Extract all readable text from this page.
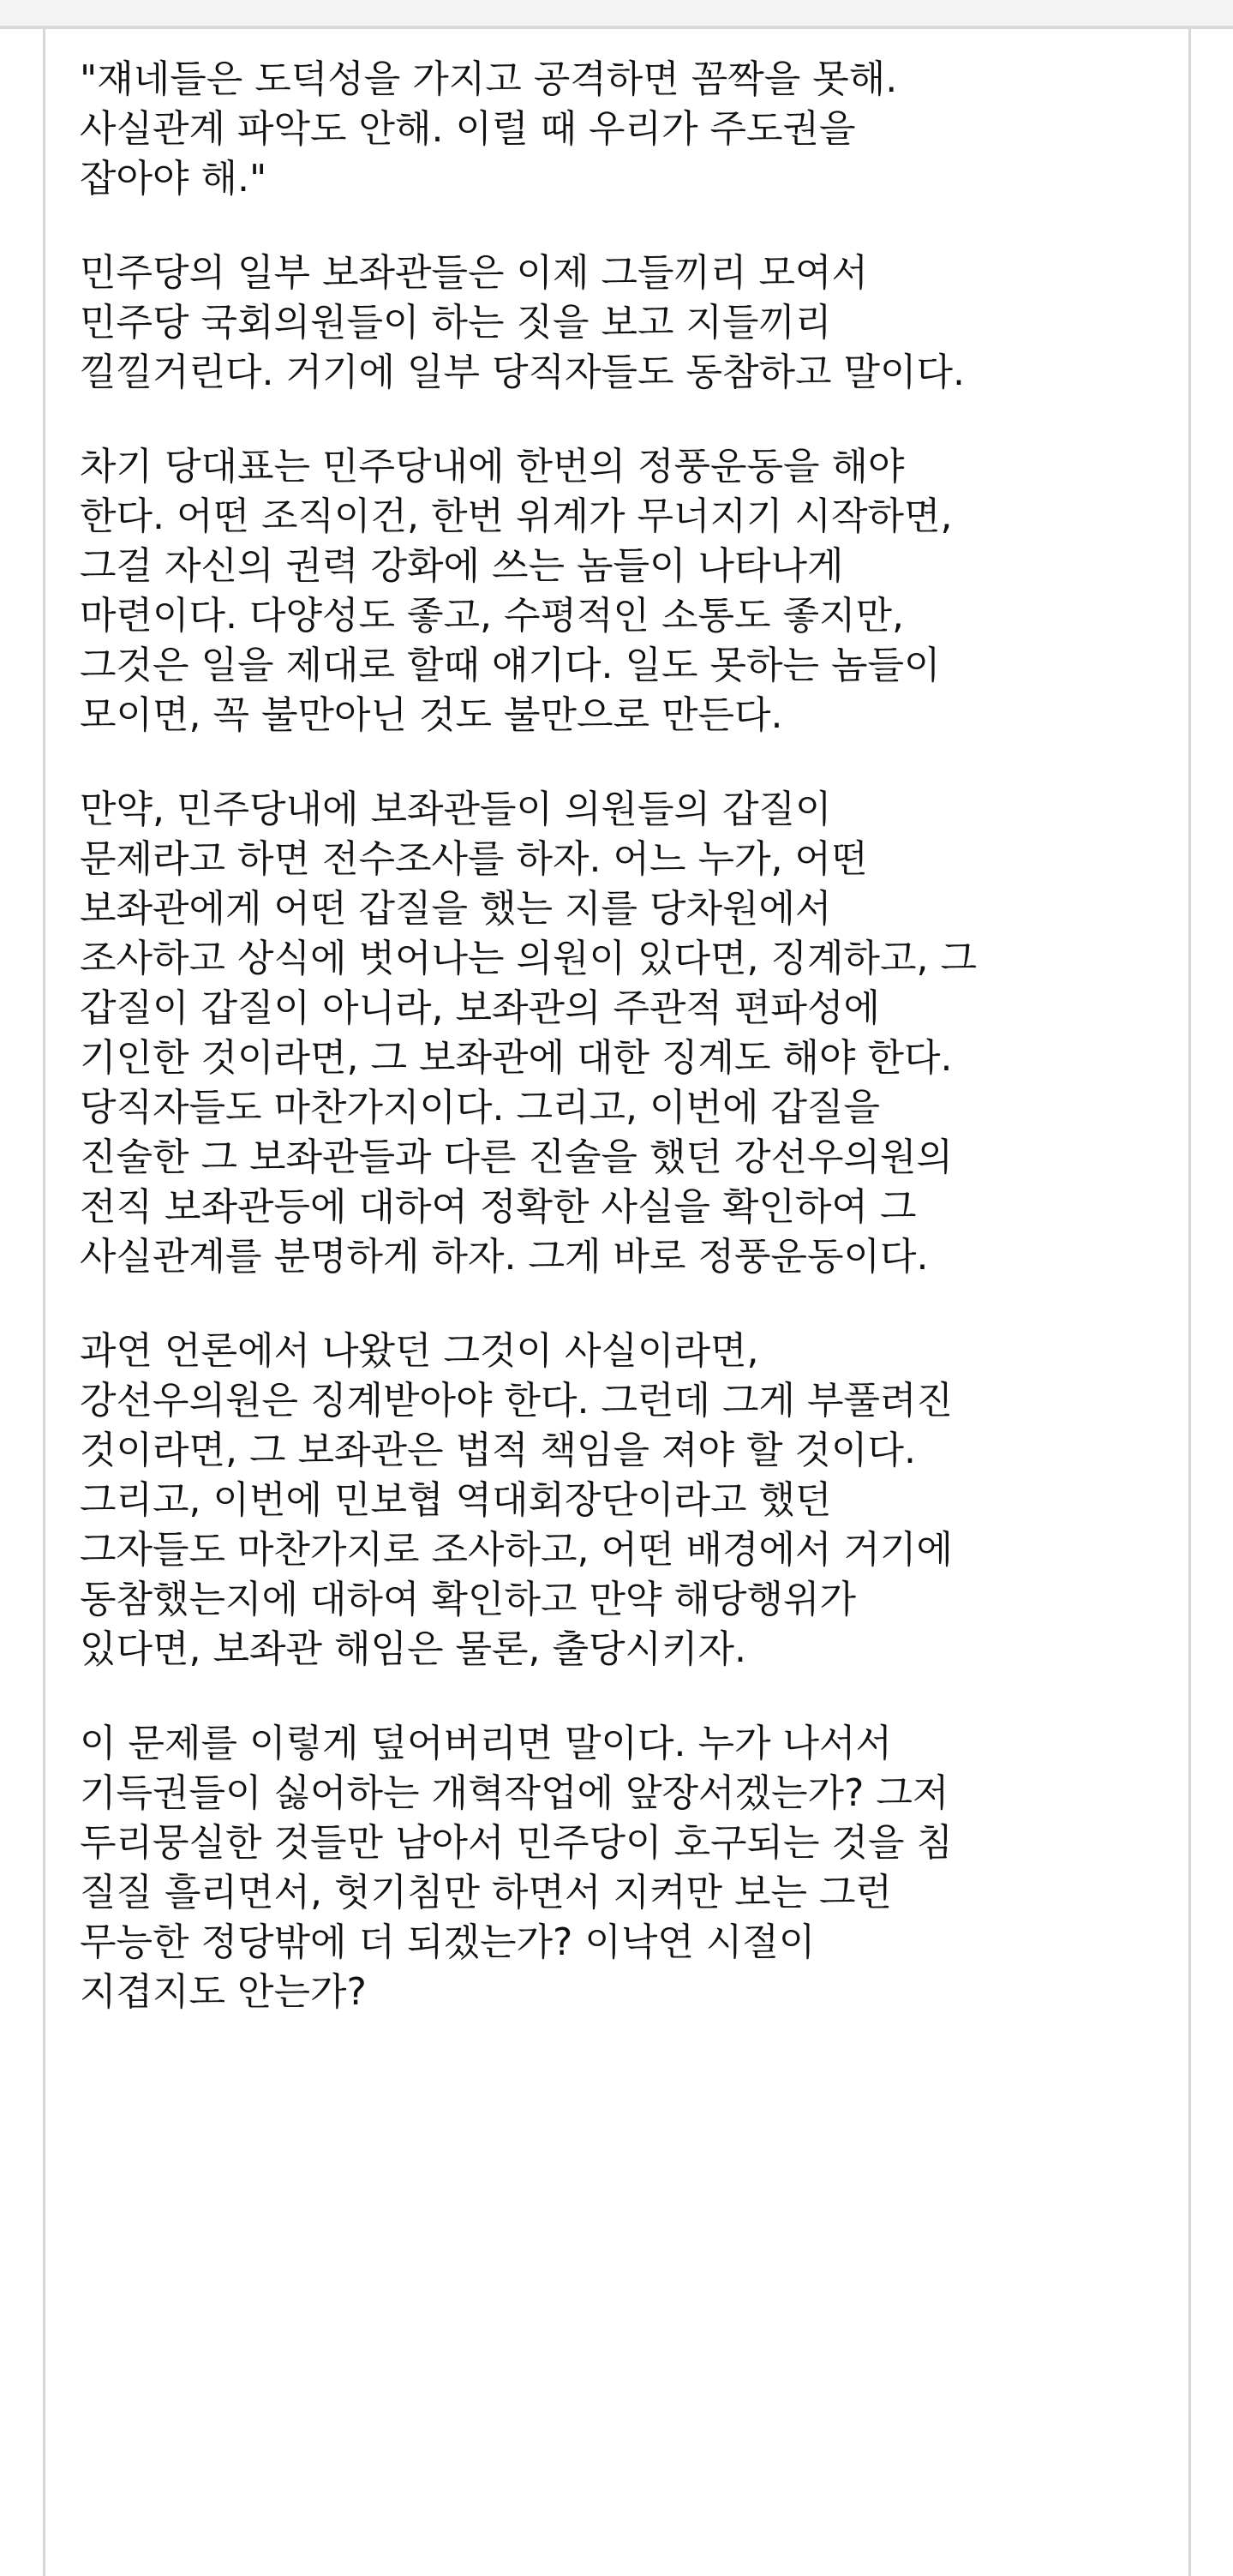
"쟤네들은 도덕성을 가지고 공격하면 꼼짝을 못해.
사실관계 파악도 안해. 이럴 때 우리가 주도권을
잡아야 해."
민주당의 일부 보좌관들은 이제 그들끼리 모여서
민주당 국회의원들이 하는 짓을 보고 지들끼리
낄낄거린다. 거기에 일부 당직자들도 동참하고 말이다.
차기 당대표는 민주당내에 한번의 정풍운동을 해야
한다. 어떤 조직이건, 한번 위계가 무너지기 시작하면,
그걸 자신의 권력 강화에 쓰는 놈들이 나타나게
마련이다. 다양성도 좋고, 수평적인 소통도 좋지만,
그것은 일을 제대로 할때 얘기다. 일도 못하는 놈들이
모이면, 꼭 불만아닌 것도 불만으로 만든다.
만약, 민주당내에 보좌관들이 의원들의 갑질이
문제라고 하면 전수조사를 하자. 어느 누가, 어떤
보좌관에게 어떤 갑질을 했는 지를 당차원에서
조사하고 상식에 벗어나는 의원이 있다면, 징계하고, 그
갑질이 갑질이 아니라, 보좌관의 주관적 편파성에
기인한 것이라면, 그 보좌관에 대한 징계도 해야 한다.
당직자들도 마찬가지이다. 그리고, 이번에 갑질을
진술한 그 보좌관들과 다른 진술을 했던 강선우의원의
전직 보좌관등에 대하여 정확한 사실을 확인하여 그
사실관계를 분명하게 하자. 그게 바로 정풍운동이다.
과연 언론에서 나왔던 그것이 사실이라면,
강선우의원은 징계받아야 한다. 그런데 그게 부풀려진
것이라면, 그 보좌관은 법적 책임을 져야 할 것이다.
그리고, 이번에 민보협 역대회장단이라고 했던
그자들도 마찬가지로 조사하고, 어떤 배경에서 거기에
동참했는지에 대하여 확인하고 만약 해당행위가
있다면, 보좌관 해임은 물론, 출당시키자.
이 문제를 이렇게 덮어버리면 말이다. 누가 나서서
기득권들이 싫어하는 개혁작업에 앞장서겠는가? 그저
두리뭉실한 것들만 남아서 민주당이 호구되는 것을 침
질질 흘리면서, 헛기침만 하면서 지켜만 보는 그런
무능한 정당밖에 더 되겠는가? 이낙연 시절이
지겹지도 안는가?
